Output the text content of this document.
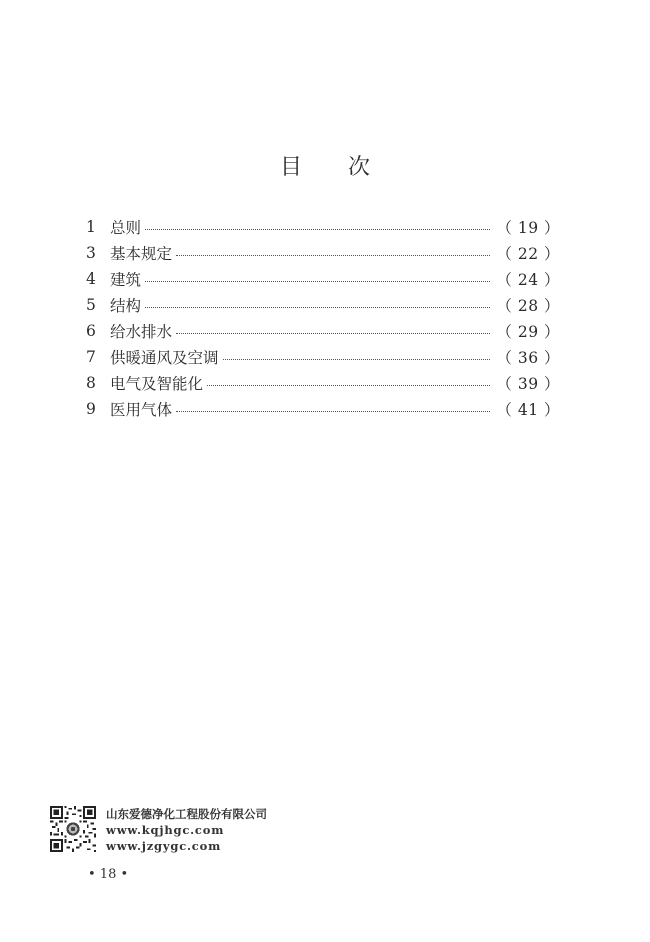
目 次
1 总则	（ 19 ）
3 基本规定	（ 22 ）
4 建筑	（ 24 ）
5 结构	（ 28 ）
6 给水排水	（ 29 ）
7 供暖通风及空调	（ 36 ）
8 电气及智能化	（ 39 ）
9 医用气体	（ 41 ）
山东爱德净化工程股份有限公司
www.kqjhgc.com
www.jzgygc.com
• 18 •
